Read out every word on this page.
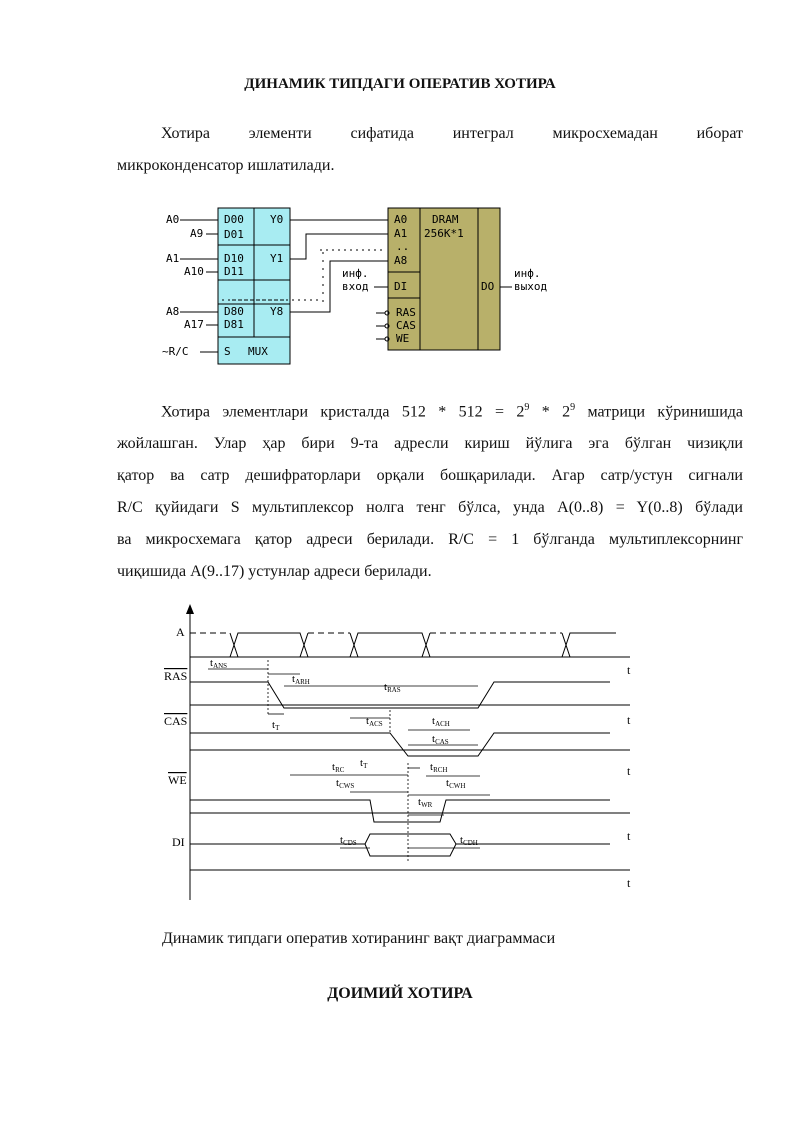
ДИНАМИК ТИПДАГИ ОПЕРАТИВ ХОТИРА
Хотира элементи сифатида интеграл микросхемадан иборат
микроконденсатор ишлатилади.
D00
D01
D10
D11
D80
D81
Y0
Y1
Y8
S MUX
A0
A9
A1
A10
A8
A17
~R/C
A0
A1
..
A8
DI
RAS
CAS
WE
DRAM
256K*1
DO
инф.
вход
инф.
выход
Хотира элементлари кристалда $512 * 512 = 2^9 * 2^9$ матрици кўринишида
жойлашган. Улар ҳар бири 9-та адресли кириш йўлига эга бўлган чизиқли
қатор ва сатр дешифраторлари орқали бошқарилади. Агар сатр/устун сигнали
R/C қуйидаги S мультиплексор нолга тенг бўлса, унда A(0..8) = Y(0..8) бўлади
ва микросхемага қатор адреси берилади. R/C = 1 бўлганда мультиплексорнинг
чиқишида A(9..17) устунлар адреси берилади.
A
RAS
CAS
WE
DI
t
t
t
t
t
tANS
tARH	tRAS
tT
tACS	tACH
tCAS
tRC
tT	tRCH
tCWS	tCWH
tWR
tCDS	tCDH
Динамик типдаги оператив хотиранинг вақт диаграммаси
ДОИМИЙ ХОТИРА
